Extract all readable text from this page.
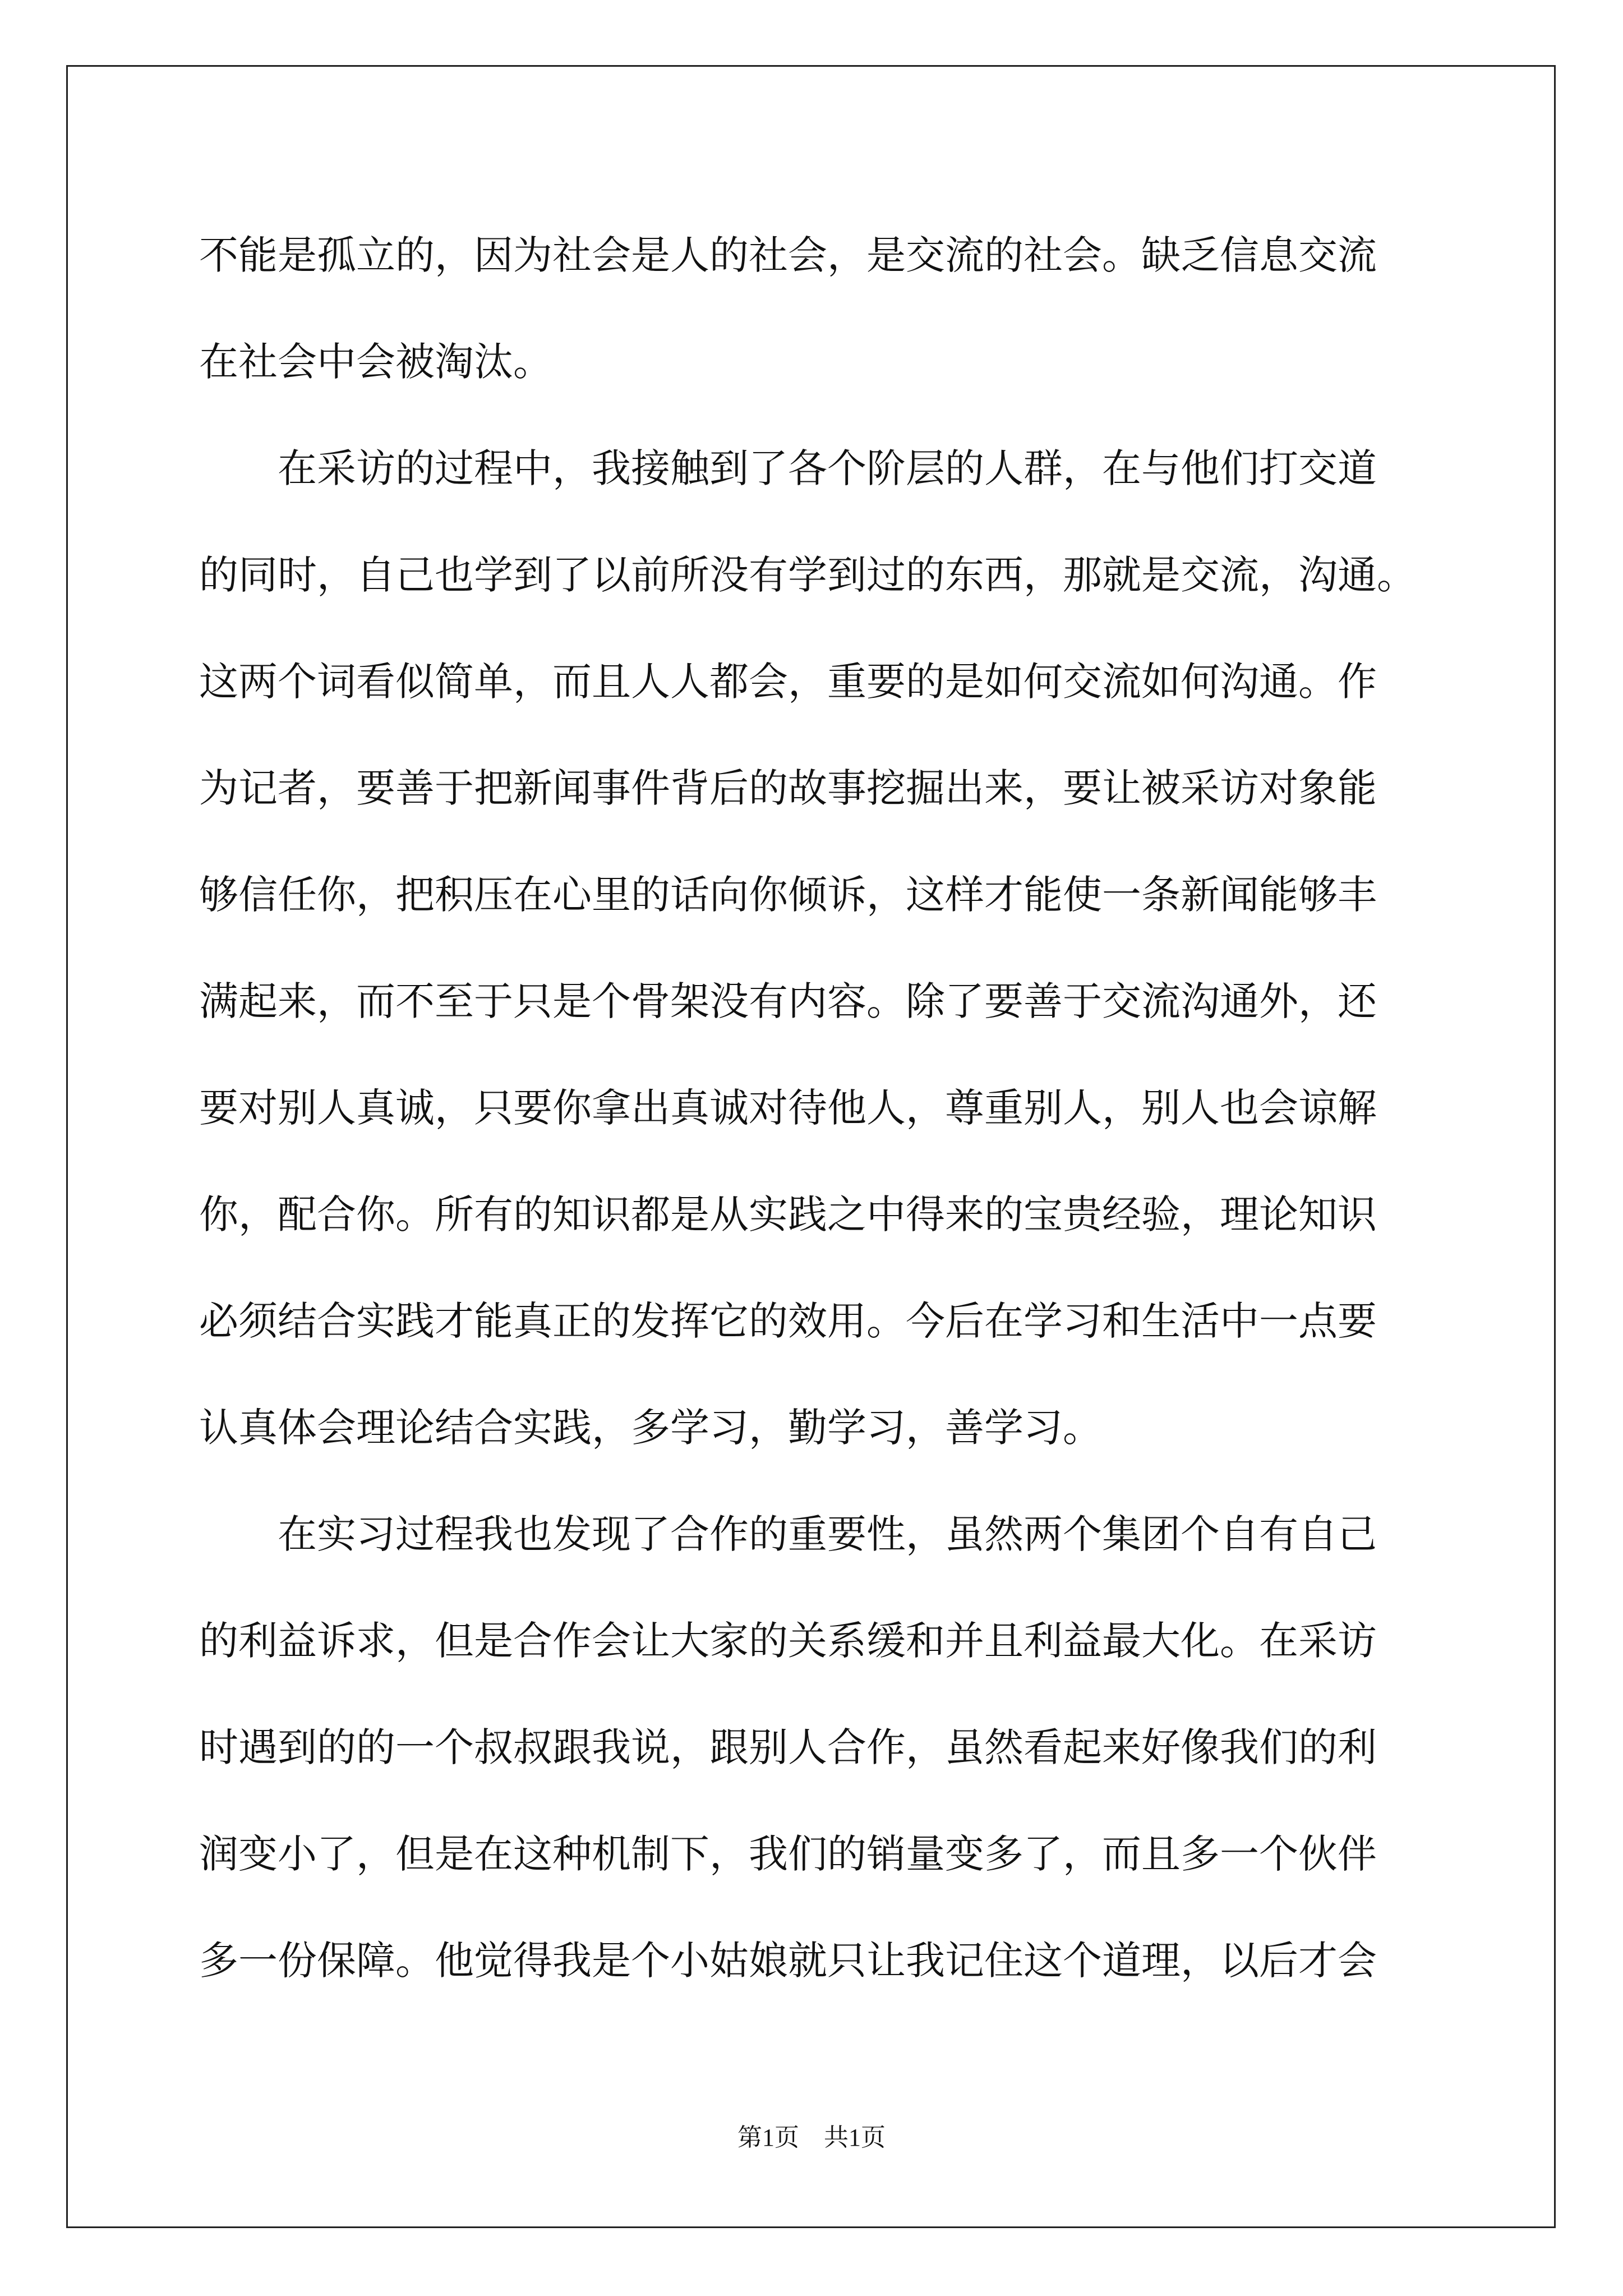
不能是孤立的，因为社会是人的社会，是交流的社会。缺乏信息交流
在社会中会被淘汰。
在采访的过程中，我接触到了各个阶层的人群，在与他们打交道
的同时，自己也学到了以前所没有学到过的东西，那就是交流，沟通。
这两个词看似简单，而且人人都会，重要的是如何交流如何沟通。作
为记者，要善于把新闻事件背后的故事挖掘出来，要让被采访对象能
够信任你，把积压在心里的话向你倾诉，这样才能使一条新闻能够丰
满起来，而不至于只是个骨架没有内容。除了要善于交流沟通外，还
要对别人真诚，只要你拿出真诚对待他人，尊重别人，别人也会谅解
你，配合你。所有的知识都是从实践之中得来的宝贵经验，理论知识
必须结合实践才能真正的发挥它的效用。今后在学习和生活中一点要
认真体会理论结合实践，多学习，勤学习，善学习。
在实习过程我也发现了合作的重要性，虽然两个集团个自有自己
的利益诉求，但是合作会让大家的关系缓和并且利益最大化。在采访
时遇到的的一个叔叔跟我说，跟别人合作，虽然看起来好像我们的利
润变小了，但是在这种机制下，我们的销量变多了，而且多一个伙伴
多一份保障。他觉得我是个小姑娘就只让我记住这个道理，以后才会
第1页　共1页
